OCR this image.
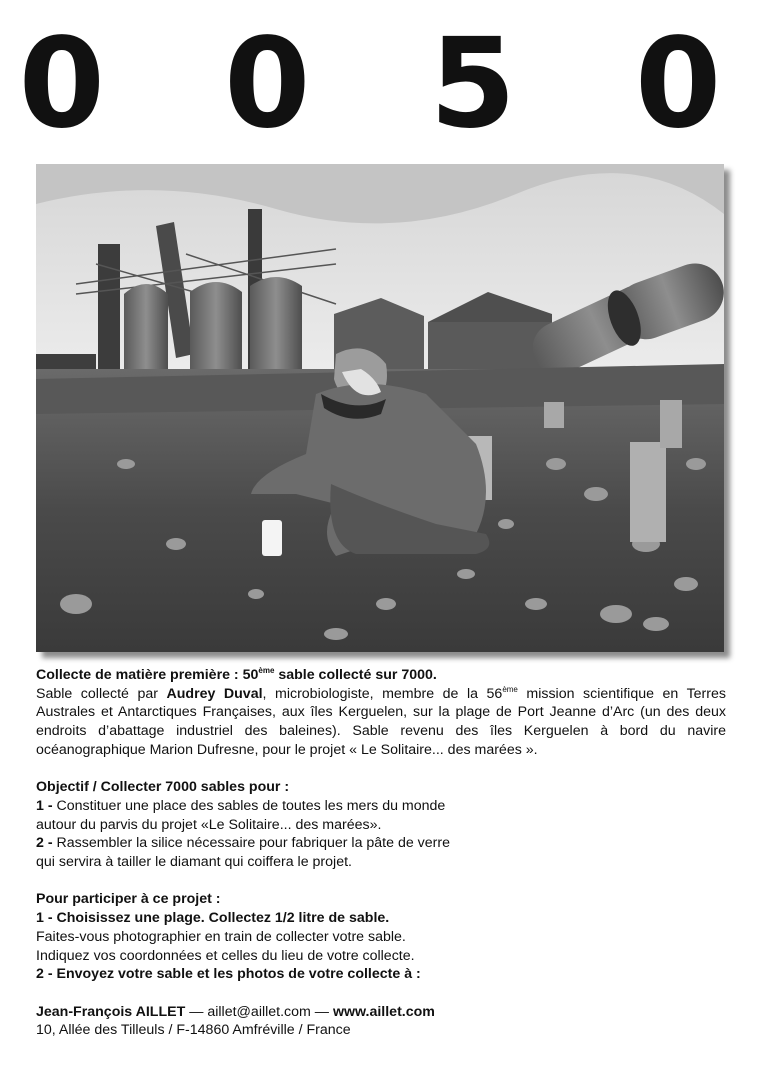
0 0 5 0

Collecte de matière première : 50ème sable collecté sur 7000.

Sable collecté par Audrey Duval, microbiologiste, membre de la 56ème mission scientifique en Terres Australes et Antarctiques Françaises, aux îles Kerguelen, sur la plage de Port Jeanne d’Arc (un des deux endroits d’abattage industriel des baleines). Sable revenu des îles Kerguelen à bord du navire océanographique Marion Dufresne, pour le projet « Le Solitaire... des marées ».

Objectif / Collecter 7000 sables pour :

1 - Constituer une place des sables de toutes les mers du monde

autour du parvis du projet «Le Solitaire... des marées».

2 - Rassembler la silice nécessaire pour fabriquer la pâte de verre

qui servira à tailler le diamant qui coiffera le projet.

Pour participer à ce projet :

1 - Choisissez une plage. Collectez 1/2 litre de sable.

Faites-vous photographier en train de collecter votre sable.

Indiquez vos coordonnées et celles du lieu de votre collecte.

2 - Envoyez votre sable et les photos de votre collecte à :

Jean-François AILLET — aillet@aillet.com — www.aillet.com

10, Allée des Tilleuls / F-14860 Amfréville / France
